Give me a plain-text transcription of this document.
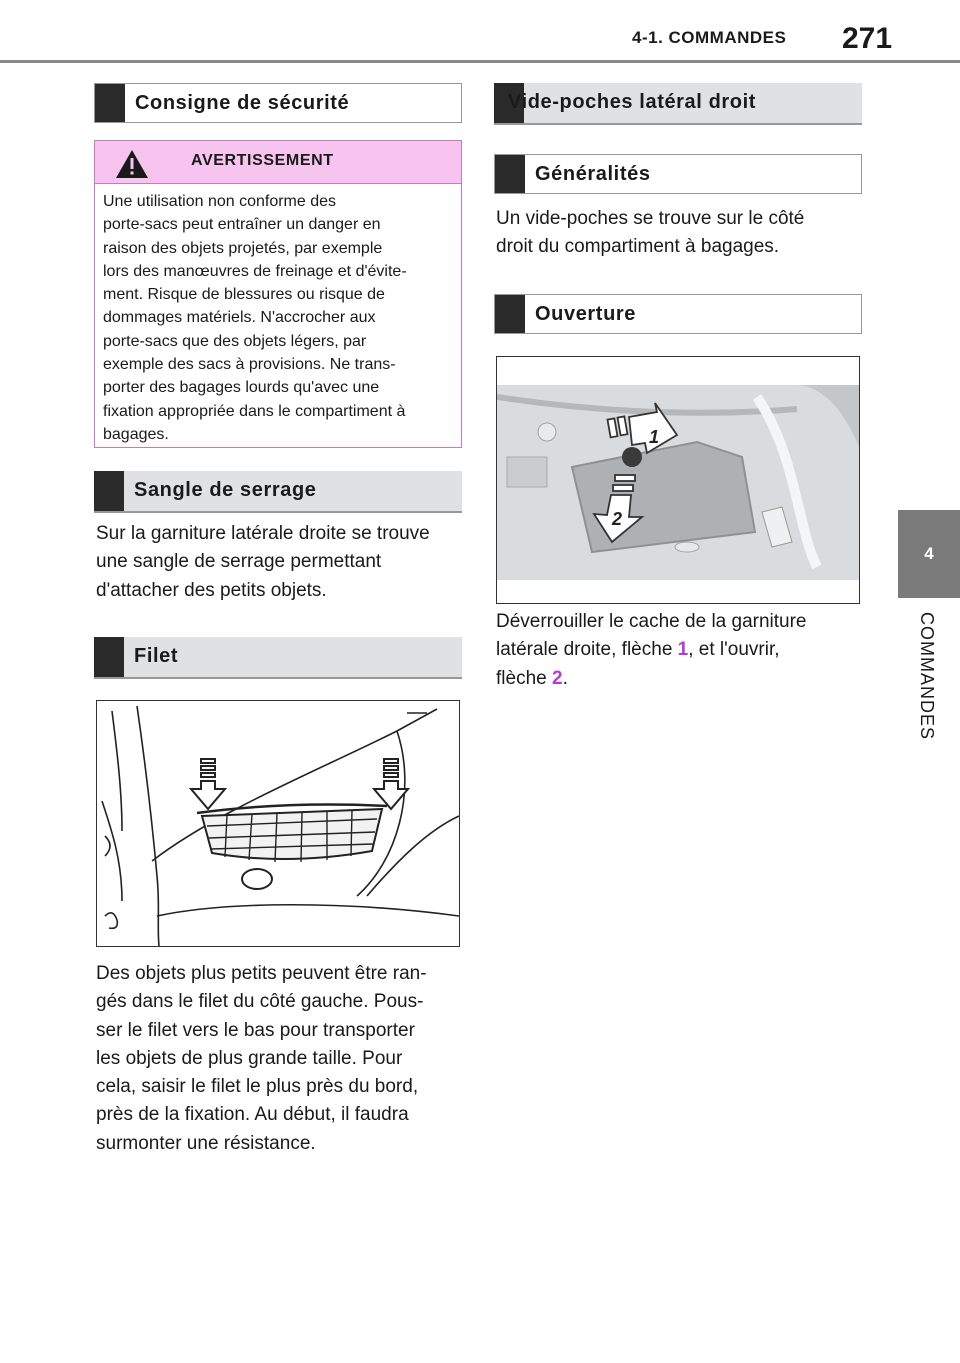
4-1. COMMANDES 271
4
COMMANDES
Consigne de sécurité
AVERTISSEMENT
Une utilisation non conforme des
porte-sacs peut entraîner un danger en
raison des objets projetés, par exemple
lors des manœuvres de freinage et d'évite-
ment. Risque de blessures ou risque de
dommages matériels. N'accrocher aux
porte-sacs que des objets légers, par
exemple des sacs à provisions. Ne trans-
porter des bagages lourds qu'avec une
fixation appropriée dans le compartiment à
bagages.
Sangle de serrage
Sur la garniture latérale droite se trouve
une sangle de serrage permettant
d'attacher des petits objets.
Filet
Des objets plus petits peuvent être ran-
gés dans le filet du côté gauche. Pous-
ser le filet vers le bas pour transporter
les objets de plus grande taille. Pour
cela, saisir le filet le plus près du bord,
près de la fixation. Au début, il faudra
surmonter une résistance.
Vide-poches latéral droit
Généralités
Un vide-poches se trouve sur le côté
droit du compartiment à bagages.
Ouverture
1
2
Déverrouiller le cache de la garniture
latérale droite, flèche 1, et l'ouvrir,
flèche 2.
